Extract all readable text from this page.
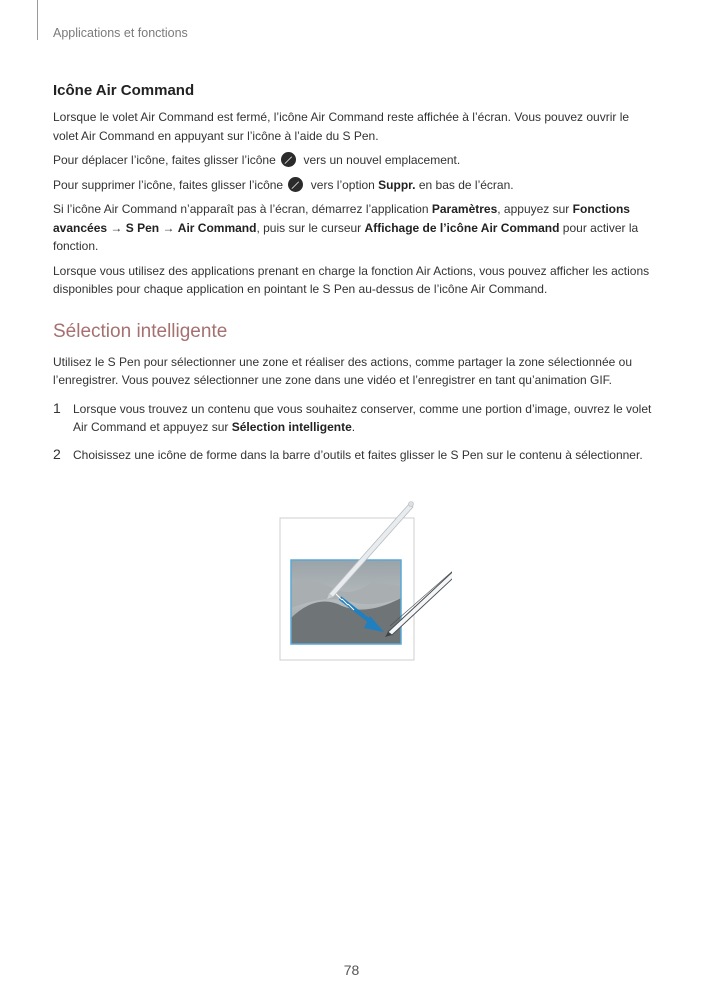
Applications et fonctions
Icône Air Command

Lorsque le volet Air Command est fermé, l’icône Air Command reste affichée à l’écran. Vous pouvez ouvrir le volet Air Command en appuyant sur l’icône à l’aide du S Pen.

Pour déplacer l’icône, faites glisser l’icône vers un nouvel emplacement.

Pour supprimer l’icône, faites glisser l’icône vers l’option Suppr. en bas de l’écran.

Si l’icône Air Command n’apparaît pas à l’écran, démarrez l’application Paramètres, appuyez sur Fonctions avancées → S Pen → Air Command, puis sur le curseur Affichage de l’icône Air Command pour activer la fonction.

Lorsque vous utilisez des applications prenant en charge la fonction Air Actions, vous pouvez afficher les actions disponibles pour chaque application en pointant le S Pen au-dessus de l’icône Air Command.

Sélection intelligente

Utilisez le S Pen pour sélectionner une zone et réaliser des actions, comme partager la zone sélectionnée ou l’enregistrer. Vous pouvez sélectionner une zone dans une vidéo et l’enregistrer en tant qu’animation GIF.

1 Lorsque vous trouvez un contenu que vous souhaitez conserver, comme une portion d’image, ouvrez le volet Air Command et appuyez sur Sélection intelligente.
2 Choisissez une icône de forme dans la barre d’outils et faites glisser le S Pen sur le contenu à sélectionner.
78
